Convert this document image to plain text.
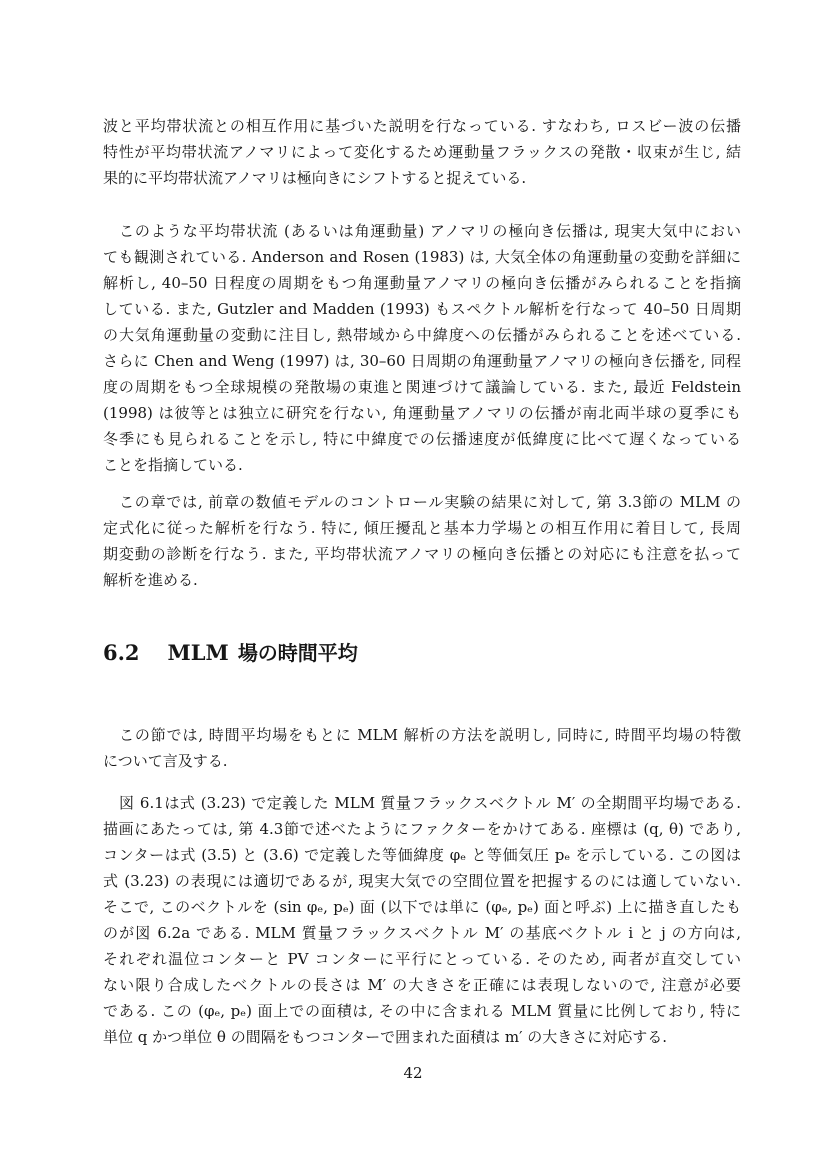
波と平均帯状流との相互作用に基づいた説明を行なっている. すなわち, ロスビー波の伝播
特性が平均帯状流アノマリによって変化するため運動量フラックスの発散・収束が生じ, 結
果的に平均帯状流アノマリは極向きにシフトすると捉えている.
このような平均帯状流 (あるいは角運動量) アノマリの極向き伝播は, 現実大気中におい
ても観測されている. Anderson and Rosen (1983) は, 大気全体の角運動量の変動を詳細に
解析し, 40–50 日程度の周期をもつ角運動量アノマリの極向き伝播がみられることを指摘
している. また, Gutzler and Madden (1993) もスペクトル解析を行なって 40–50 日周期
の大気角運動量の変動に注目し, 熱帯域から中緯度への伝播がみられることを述べている.
さらに Chen and Weng (1997) は, 30–60 日周期の角運動量アノマリの極向き伝播を, 同程
度の周期をもつ全球規模の発散場の東進と関連づけて議論している. また, 最近 Feldstein
(1998) は彼等とは独立に研究を行ない, 角運動量アノマリの伝播が南北両半球の夏季にも
冬季にも見られることを示し, 特に中緯度での伝播速度が低緯度に比べて遅くなっている
ことを指摘している.
この章では, 前章の数値モデルのコントロール実験の結果に対して, 第 3.3節の MLM の
定式化に従った解析を行なう. 特に, 傾圧擾乱と基本力学場との相互作用に着目して, 長周
期変動の診断を行なう. また, 平均帯状流アノマリの極向き伝播との対応にも注意を払って
解析を進める.
6.2 MLM 場の時間平均
この節では, 時間平均場をもとに MLM 解析の方法を説明し, 同時に, 時間平均場の特徴
について言及する.
図 6.1は式 (3.23) で定義した MLM 質量フラックスベクトル M′ の全期間平均場である.
描画にあたっては, 第 4.3節で述べたようにファクターをかけてある. 座標は (q, θ) であり,
コンターは式 (3.5) と (3.6) で定義した等価緯度 φₑ と等価気圧 pₑ を示している. この図は
式 (3.23) の表現には適切であるが, 現実大気での空間位置を把握するのには適していない.
そこで, このベクトルを (sin φₑ, pₑ) 面 (以下では単に (φₑ, pₑ) 面と呼ぶ) 上に描き直したも
のが図 6.2a である. MLM 質量フラックスベクトル M′ の基底ベクトル i と j の方向は,
それぞれ温位コンターと PV コンターに平行にとっている. そのため, 両者が直交してい
ない限り合成したベクトルの長さは M′ の大きさを正確には表現しないので, 注意が必要
である. この (φₑ, pₑ) 面上での面積は, その中に含まれる MLM 質量に比例しており, 特に
単位 q かつ単位 θ の間隔をもつコンターで囲まれた面積は m′ の大きさに対応する.
42
